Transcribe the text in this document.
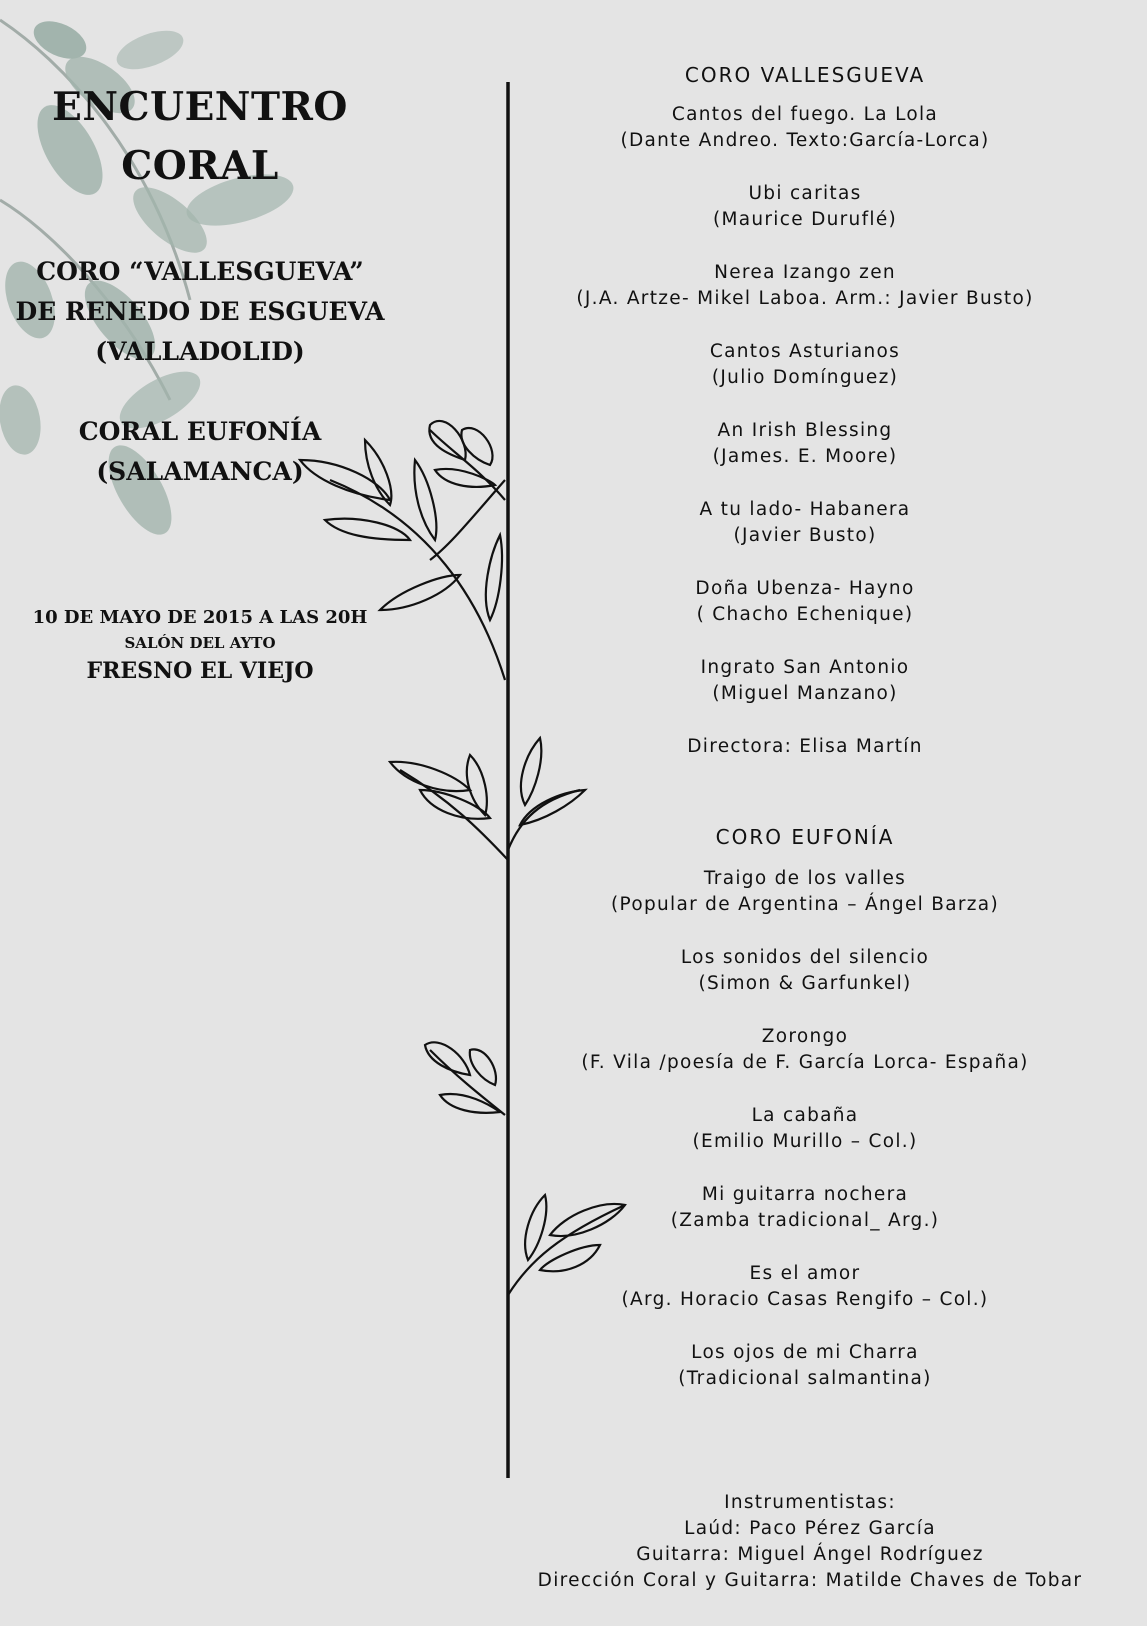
ENCUENTRO
CORAL
CORO “VALLESGUEVA”
DE RENEDO DE ESGUEVA
(VALLADOLID)
CORAL EUFONÍA
(SALAMANCA)
10 DE MAYO DE 2015 A LAS 20H
SALÓN DEL AYTO
FRESNO EL VIEJO
CORO VALLESGUEVA
Cantos del fuego. La Lola
(Dante Andreo. Texto:García-Lorca)
Ubi caritas
(Maurice Duruflé)
Nerea Izango zen
(J.A. Artze- Mikel Laboa. Arm.: Javier Busto)
Cantos Asturianos
(Julio Domínguez)
An Irish Blessing
(James. E. Moore)
A tu lado- Habanera
(Javier Busto)
Doña Ubenza- Hayno
( Chacho Echenique)
Ingrato San Antonio
(Miguel Manzano)
Directora: Elisa Martín
CORO EUFONÍA
Traigo de los valles
(Popular de Argentina – Ángel Barza)
Los sonidos del silencio
(Simon & Garfunkel)
Zorongo
(F. Vila /poesía de F. García Lorca- España)
La cabaña
(Emilio Murillo – Col.)
Mi guitarra nochera
(Zamba tradicional_ Arg.)
Es el amor
(Arg. Horacio Casas Rengifo – Col.)
Los ojos de mi Charra
(Tradicional salmantina)
Instrumentistas:
Laúd: Paco Pérez García
Guitarra: Miguel Ángel Rodríguez
Dirección Coral y Guitarra: Matilde Chaves de Tobar
